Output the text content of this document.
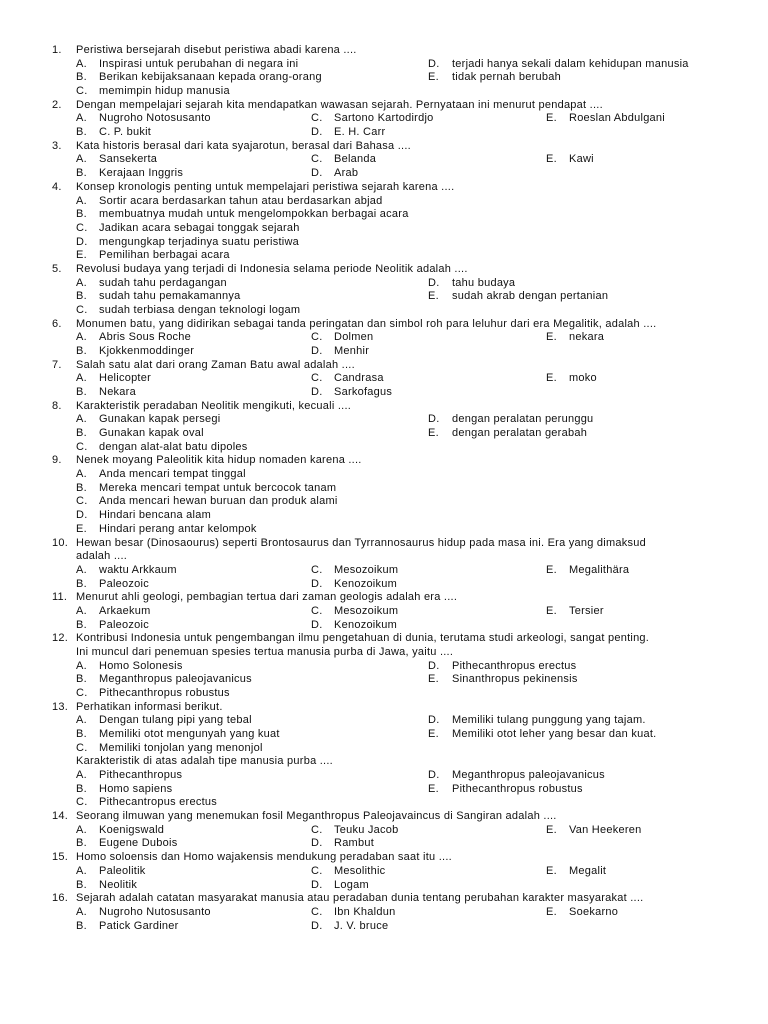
1. Peristiwa bersejarah disebut peristiwa abadi karena ....
A. Inspirasi untuk perubahan di negara ini	D. terjadi hanya sekali dalam kehidupan manusia
B. Berikan kebijaksanaan kepada orang-orang	E. tidak pernah berubah
C. memimpin hidup manusia
2. Dengan mempelajari sejarah kita mendapatkan wawasan sejarah. Pernyataan ini menurut pendapat ....
A. Nugroho Notosusanto	C. Sartono Kartodirdjo	E. Roeslan Abdulgani
B. C. P. bukit	D. E. H. Carr
3. Kata historis berasal dari kata syajarotun, berasal dari Bahasa ....
A. Sansekerta	C. Belanda	E. Kawi
B. Kerajaan Inggris	D. Arab
4. Konsep kronologis penting untuk mempelajari peristiwa sejarah karena ....
A. Sortir acara berdasarkan tahun atau berdasarkan abjad
B. membuatnya mudah untuk mengelompokkan berbagai acara
C. Jadikan acara sebagai tonggak sejarah
D. mengungkap terjadinya suatu peristiwa
E. Pemilihan berbagai acara
5. Revolusi budaya yang terjadi di Indonesia selama periode Neolitik adalah ....
A. sudah tahu perdagangan	D. tahu budaya
B. sudah tahu pemakamannya	E. sudah akrab dengan pertanian
C. sudah terbiasa dengan teknologi logam
6. Monumen batu, yang didirikan sebagai tanda peringatan dan simbol roh para leluhur dari era Megalitik, adalah ....
A. Abris Sous Roche	C. Dolmen	E. nekara
B. Kjokkenmoddinger	D. Menhir
7. Salah satu alat dari orang Zaman Batu awal adalah ....
A. Helicopter	C. Candrasa	E. moko
B. Nekara	D. Sarkofagus
8. Karakteristik peradaban Neolitik mengikuti, kecuali ....
A. Gunakan kapak persegi	D. dengan peralatan perunggu
B. Gunakan kapak oval	E. dengan peralatan gerabah
C. dengan alat-alat batu dipoles
9. Nenek moyang Paleolitik kita hidup nomaden karena ....
A. Anda mencari tempat tinggal
B. Mereka mencari tempat untuk bercocok tanam
C. Anda mencari hewan buruan dan produk alami
D. Hindari bencana alam
E. Hindari perang antar kelompok
10. Hewan besar (Dinosaourus) seperti Brontosaurus dan Tyrrannosaurus hidup pada masa ini. Era yang dimaksud
adalah ....
A. waktu Arkkaum	C. Mesozoikum	E. Megalithära
B. Paleozoic	D. Kenozoikum
11. Menurut ahli geologi, pembagian tertua dari zaman geologis adalah era ....
A. Arkaekum	C. Mesozoikum	E. Tersier
B. Paleozoic	D. Kenozoikum
12. Kontribusi Indonesia untuk pengembangan ilmu pengetahuan di dunia, terutama studi arkeologi, sangat penting.
Ini muncul dari penemuan spesies tertua manusia purba di Jawa, yaitu ....
A. Homo Solonesis	D. Pithecanthropus erectus
B. Meganthropus paleojavanicus	E. Sinanthropus pekinensis
C. Pithecanthropus robustus
13. Perhatikan informasi berikut.
A. Dengan tulang pipi yang tebal	D. Memiliki tulang punggung yang tajam.
B. Memiliki otot mengunyah yang kuat	E. Memiliki otot leher yang besar dan kuat.
C. Memiliki tonjolan yang menonjol
Karakteristik di atas adalah tipe manusia purba ....
A. Pithecanthropus	D. Meganthropus paleojavanicus
B. Homo sapiens	E. Pithecanthropus robustus
C. Pithecantropus erectus
14. Seorang ilmuwan yang menemukan fosil Meganthropus Paleojavaincus di Sangiran adalah ....
A. Koenigswald	C. Teuku Jacob	E. Van Heekeren
B. Eugene Dubois	D. Rambut
15. Homo soloensis dan Homo wajakensis mendukung peradaban saat itu ....
A. Paleolitik	C. Mesolithic	E. Megalit
B. Neolitik	D. Logam
16. Sejarah adalah catatan masyarakat manusia atau peradaban dunia tentang perubahan karakter masyarakat ....
A. Nugroho Nutosusanto	C. Ibn Khaldun	E. Soekarno
B. Patick Gardiner	D. J. V. bruce
